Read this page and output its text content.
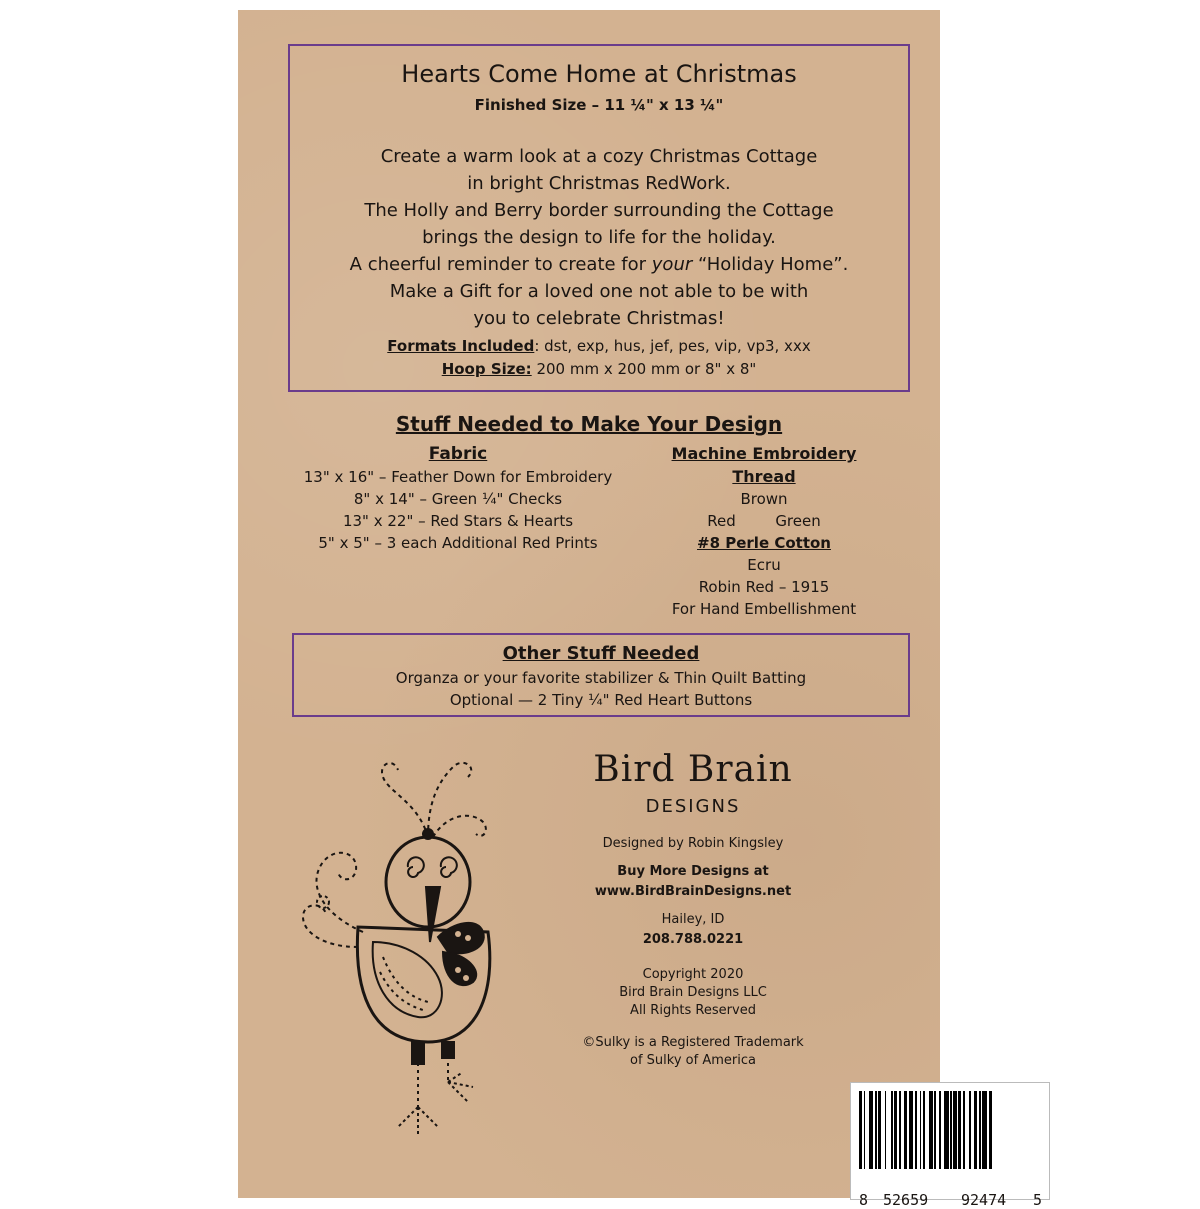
Hearts Come Home at Christmas
Finished Size – 11 ¼" x 13 ¼"
Create a warm look at a cozy Christmas Cottage
in bright Christmas RedWork.
The Holly and Berry border surrounding the Cottage
brings the design to life for the holiday.
A cheerful reminder to create for your “Holiday Home”.
Make a Gift for a loved one not able to be with
you to celebrate Christmas!
Formats Included: dst, exp, hus, jef, pes, vip, vp3, xxx
Hoop Size: 200 mm x 200 mm or 8" x 8"
Stuff Needed to Make Your Design
Fabric
13" x 16" – Feather Down for Embroidery
8" x 14" – Green ¼" Checks
13" x 22" – Red Stars & Hearts
5" x 5" – 3 each Additional Red Prints
Machine Embroidery
Thread
Brown
Red	Green
#8 Perle Cotton
Ecru
Robin Red – 1915
For Hand Embellishment
Other Stuff Needed
Organza or your favorite stabilizer & Thin Quilt Batting
Optional — 2 Tiny ¼" Red Heart Buttons
Bird Brain
DESIGNS
Designed by Robin Kingsley
Buy More Designs at
www.BirdBrainDesigns.net
Hailey, ID
208.788.0221
Copyright 2020
Bird Brain Designs LLC
All Rights Reserved
©Sulky is a Registered Trademark
of Sulky of America
8 52659 92474 5
